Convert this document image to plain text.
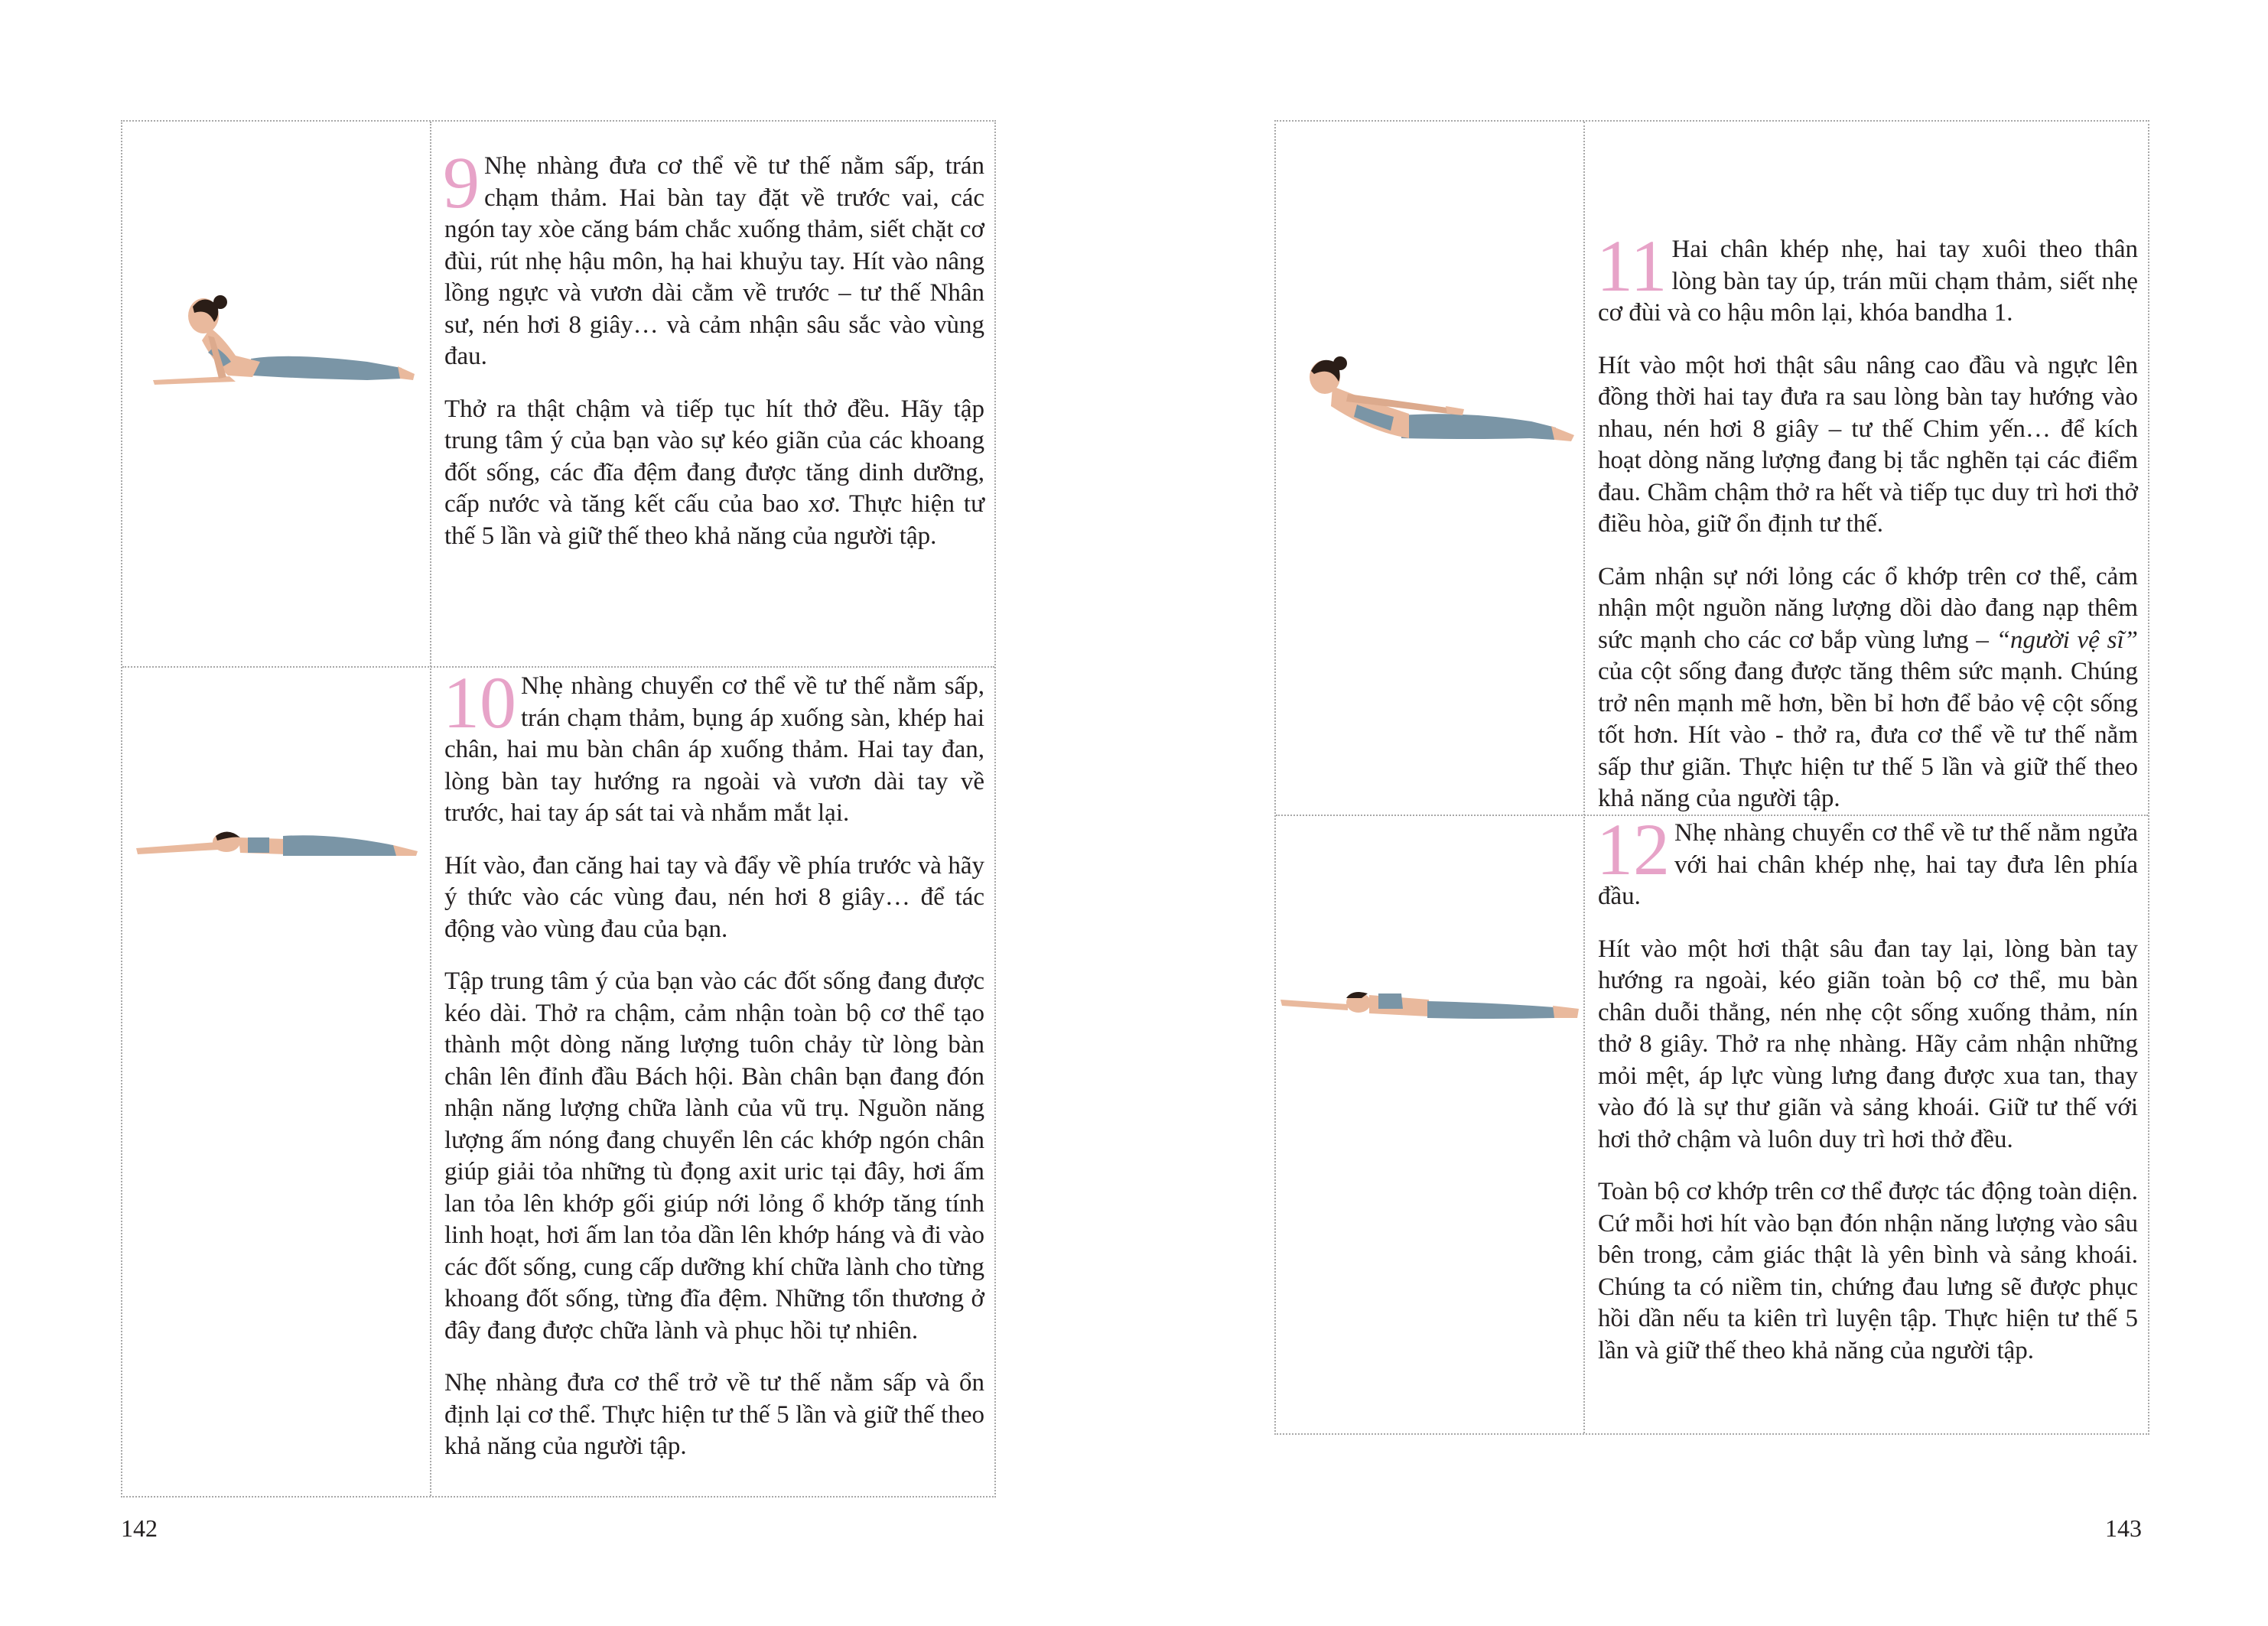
9 Nhẹ nhàng đưa cơ thể về tư thế nằm sấp, trán chạm thảm. Hai bàn tay đặt về trước vai, các ngón tay xòe căng bám chắc xuống thảm, siết chặt cơ đùi, rút nhẹ hậu môn, hạ hai khuỷu tay. Hít vào nâng lồng ngực và vươn dài cằm về trước – tư thế Nhân sư, nén hơi 8 giây… và cảm nhận sâu sắc vào vùng đau.

Thở ra thật chậm và tiếp tục hít thở đều. Hãy tập trung tâm ý của bạn vào sự kéo giãn của các khoang đốt sống, các đĩa đệm đang được tăng dinh dưỡng, cấp nước và tăng kết cấu của bao xơ. Thực hiện tư thế 5 lần và giữ thế theo khả năng của người tập.

10 Nhẹ nhàng chuyển cơ thể về tư thế nằm sấp, trán chạm thảm, bụng áp xuống sàn, khép hai chân, hai mu bàn chân áp xuống thảm. Hai tay đan, lòng bàn tay hướng ra ngoài và vươn dài tay về trước, hai tay áp sát tai và nhắm mắt lại.

Hít vào, đan căng hai tay và đẩy về phía trước và hãy ý thức vào các vùng đau, nén hơi 8 giây… để tác động vào vùng đau của bạn.

Tập trung tâm ý của bạn vào các đốt sống đang được kéo dài. Thở ra chậm, cảm nhận toàn bộ cơ thể tạo thành một dòng năng lượng tuôn chảy từ lòng bàn chân lên đỉnh đầu Bách hội. Bàn chân bạn đang đón nhận năng lượng chữa lành của vũ trụ. Nguồn năng lượng ấm nóng đang chuyển lên các khớp ngón chân giúp giải tỏa những tù đọng axit uric tại đây, hơi ấm lan tỏa lên khớp gối giúp nới lỏng ổ khớp tăng tính linh hoạt, hơi ấm lan tỏa dần lên khớp háng và đi vào các đốt sống, cung cấp dưỡng khí chữa lành cho từng khoang đốt sống, từng đĩa đệm. Những tổn thương ở đây đang được chữa lành và phục hồi tự nhiên.

Nhẹ nhàng đưa cơ thể trở về tư thế nằm sấp và ổn định lại cơ thể. Thực hiện tư thế 5 lần và giữ thế theo khả năng của người tập.

142
11 Hai chân khép nhẹ, hai tay xuôi theo thân lòng bàn tay úp, trán mũi chạm thảm, siết nhẹ cơ đùi và co hậu môn lại, khóa bandha 1.

Hít vào một hơi thật sâu nâng cao đầu và ngực lên đồng thời hai tay đưa ra sau lòng bàn tay hướng vào nhau, nén hơi 8 giây – tư thế Chim yến… để kích hoạt dòng năng lượng đang bị tắc nghẽn tại các điểm đau. Chầm chậm thở ra hết và tiếp tục duy trì hơi thở điều hòa, giữ ổn định tư thế.

Cảm nhận sự nới lỏng các ổ khớp trên cơ thể, cảm nhận một nguồn năng lượng dồi dào đang nạp thêm sức mạnh cho các cơ bắp vùng lưng – “người vệ sĩ” của cột sống đang được tăng thêm sức mạnh. Chúng trở nên mạnh mẽ hơn, bền bỉ hơn để bảo vệ cột sống tốt hơn. Hít vào - thở ra, đưa cơ thể về tư thế nằm sấp thư giãn. Thực hiện tư thế 5 lần và giữ thế theo khả năng của người tập.

12 Nhẹ nhàng chuyển cơ thể về tư thế nằm ngửa với hai chân khép nhẹ, hai tay đưa lên phía đầu.

Hít vào một hơi thật sâu đan tay lại, lòng bàn tay hướng ra ngoài, kéo giãn toàn bộ cơ thể, mu bàn chân duỗi thẳng, nén nhẹ cột sống xuống thảm, nín thở 8 giây. Thở ra nhẹ nhàng. Hãy cảm nhận những mỏi mệt, áp lực vùng lưng đang được xua tan, thay vào đó là sự thư giãn và sảng khoái. Giữ tư thế với hơi thở chậm và luôn duy trì hơi thở đều.

Toàn bộ cơ khớp trên cơ thể được tác động toàn diện. Cứ mỗi hơi hít vào bạn đón nhận năng lượng vào sâu bên trong, cảm giác thật là yên bình và sảng khoái. Chúng ta có niềm tin, chứng đau lưng sẽ được phục hồi dần nếu ta kiên trì luyện tập. Thực hiện tư thế 5 lần và giữ thế theo khả năng của người tập.

143
